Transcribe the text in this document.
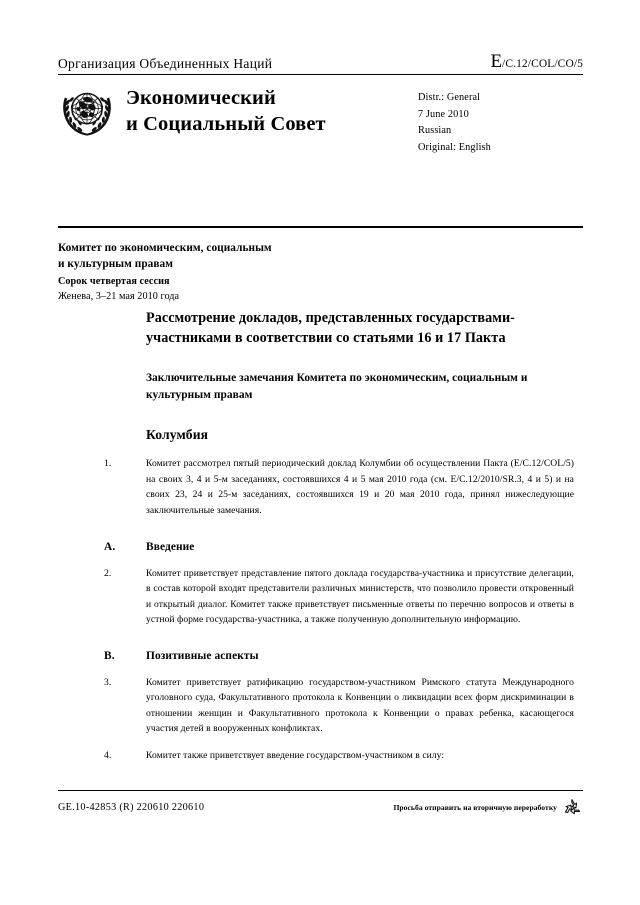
Организация Объединенных Наций	E/C.12/COL/CO/5
Экономический
и Социальный Совет
Distr.: General
7 June 2010
Russian
Original: English
Комитет по экономическим, социальным
и культурным правам
Сорок четвертая сессия
Женева, 3–21 мая 2010 года
Рассмотрение докладов, представленных государствами-участниками в соответствии со статьями 16 и 17 Пакта
Заключительные замечания Комитета по экономическим, социальным и культурным правам
Колумбия
1.	Комитет рассмотрел пятый периодический доклад Колумбии об осуществлении Пакта (E/C.12/COL/5) на своих 3, 4 и 5-м заседаниях, состоявшихся 4 и 5 мая 2010 года (см. E/C.12/2010/SR.3, 4 и 5) и на своих 23, 24 и 25-м заседаниях, состоявшихся 19 и 20 мая 2010 года, принял нижеследующие заключительные замечания.
A.	Введение
2.	Комитет приветствует представление пятого доклада государства-участника и присутствие делегации, в состав которой входят представители различных министерств, что позволило провести откровенный и открытый диалог. Комитет также приветствует письменные ответы по перечню вопросов и ответы в устной форме государства-участника, а также полученную дополнительную информацию.
B.	Позитивные аспекты
3.	Комитет приветствует ратификацию государством-участником Римского статута Международного уголовного суда, Факультативного протокола к Конвенции о ликвидации всех форм дискриминации в отношении женщин и Факультативного протокола к Конвенции о правах ребенка, касающегося участия детей в вооруженных конфликтах.
4.	Комитет также приветствует введение государством-участником в силу:
GE.10-42853 (R) 220610 220610	Просьба отправить на вторичную переработку
